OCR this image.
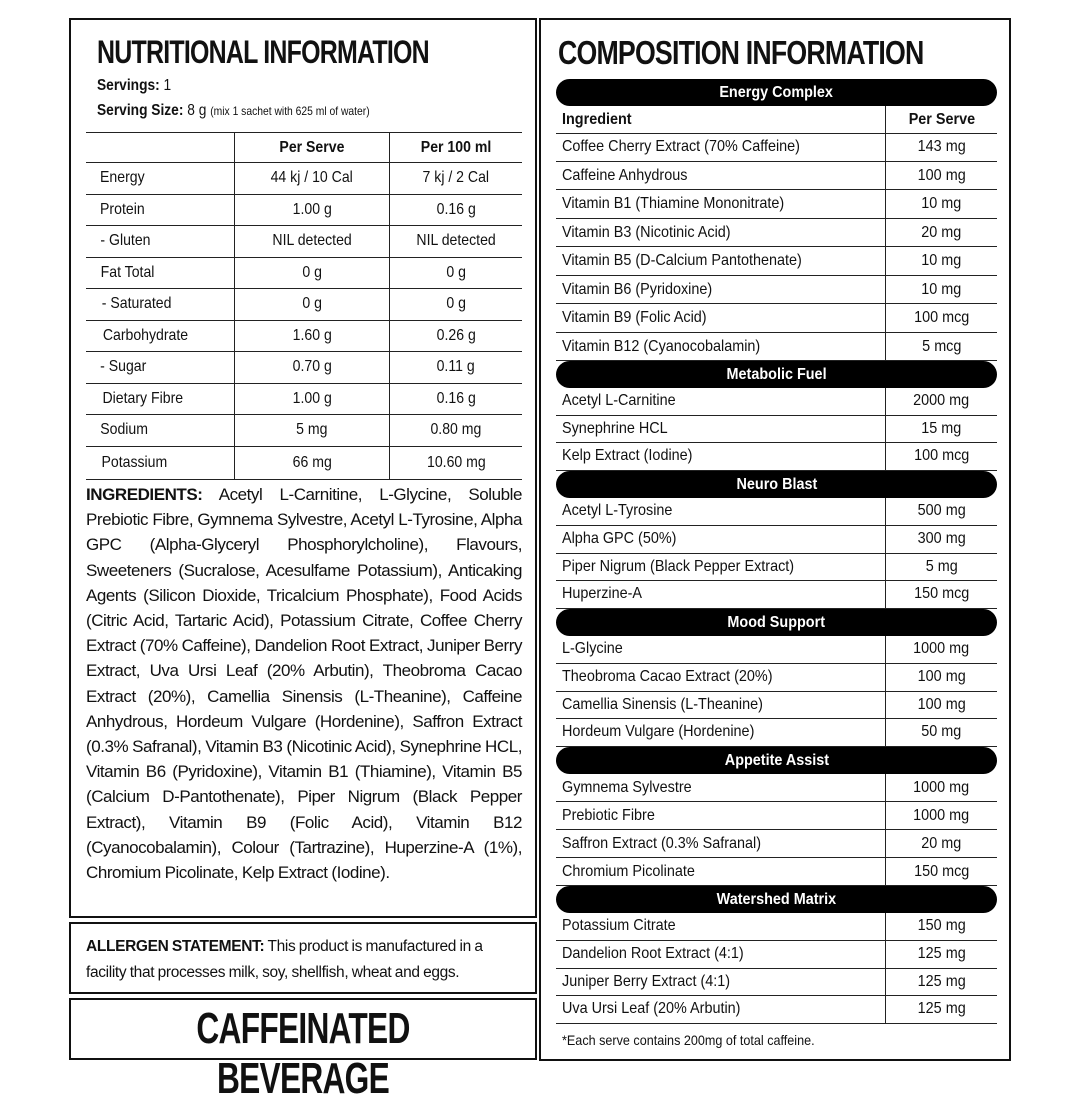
NUTRITIONAL INFORMATION
Servings: 1
Serving Size: 8 g (mix 1 sachet with 625 ml of water)
	Per Serve	Per 100 ml
Energy	44 kj / 10 Cal	7 kj / 2 Cal
Protein	1.00 g	0.16 g
- Gluten	NIL detected	NIL detected
Fat Total	0 g	0 g
- Saturated	0 g	0 g
Carbohydrate	1.60 g	0.26 g
- Sugar	0.70 g	0.11 g
Dietary Fibre	1.00 g	0.16 g
Sodium	5 mg	0.80 mg
Potassium	66 mg	10.60 mg
INGREDIENTS: Acetyl L-Carnitine, L-Glycine, Soluble Prebiotic Fibre, Gymnema Sylvestre, Acetyl L-Tyrosine, Alpha GPC (Alpha-Glyceryl Phosphorylcholine), Flavours, Sweeteners (Sucralose, Acesulfame Potassium), Anticaking Agents (Silicon Dioxide, Tricalcium Phosphate), Food Acids (Citric Acid, Tartaric Acid), Potassium Citrate, Coffee Cherry Extract (70% Caffeine), Dandelion Root Extract, Juniper Berry Extract, Uva Ursi Leaf (20% Arbutin), Theobroma Cacao Extract (20%), Camellia Sinensis (L-Theanine), Caffeine Anhydrous, Hordeum Vulgare (Hordenine), Saffron Extract (0.3% Safranal), Vitamin B3 (Nicotinic Acid), Synephrine HCL, Vitamin B6 (Pyridoxine), Vitamin B1 (Thiamine), Vitamin B5 (Calcium D-Pantothenate), Piper Nigrum (Black Pepper Extract), Vitamin B9 (Folic Acid), Vitamin B12 (Cyanocobalamin), Colour (Tartrazine), Huperzine-A (1%), Chromium Picolinate, Kelp Extract (Iodine).
ALLERGEN STATEMENT: This product is manufactured in a facility that processes milk, soy, shellfish, wheat and eggs.
CAFFEINATED BEVERAGE
COMPOSITION INFORMATION
Ingredient	Per Serve
Energy Complex
Coffee Cherry Extract (70% Caffeine)	143 mg
Caffeine Anhydrous	100 mg
Vitamin B1 (Thiamine Mononitrate)	10 mg
Vitamin B3 (Nicotinic Acid)	20 mg
Vitamin B5 (D-Calcium Pantothenate)	10 mg
Vitamin B6 (Pyridoxine)	10 mg
Vitamin B9 (Folic Acid)	100 mcg
Vitamin B12 (Cyanocobalamin)	5 mcg
Metabolic Fuel
Acetyl L-Carnitine	2000 mg
Synephrine HCL	15 mg
Kelp Extract (Iodine)	100 mcg
Neuro Blast
Acetyl L-Tyrosine	500 mg
Alpha GPC (50%)	300 mg
Piper Nigrum (Black Pepper Extract)	5 mg
Huperzine-A	150 mcg
Mood Support
L-Glycine	1000 mg
Theobroma Cacao Extract (20%)	100 mg
Camellia Sinensis (L-Theanine)	100 mg
Hordeum Vulgare (Hordenine)	50 mg
Appetite Assist
Gymnema Sylvestre	1000 mg
Prebiotic Fibre	1000 mg
Saffron Extract (0.3% Safranal)	20 mg
Chromium Picolinate	150 mcg
Watershed Matrix
Potassium Citrate	150 mg
Dandelion Root Extract (4:1)	125 mg
Juniper Berry Extract (4:1)	125 mg
Uva Ursi Leaf (20% Arbutin)	125 mg
*Each serve contains 200mg of total caffeine.
